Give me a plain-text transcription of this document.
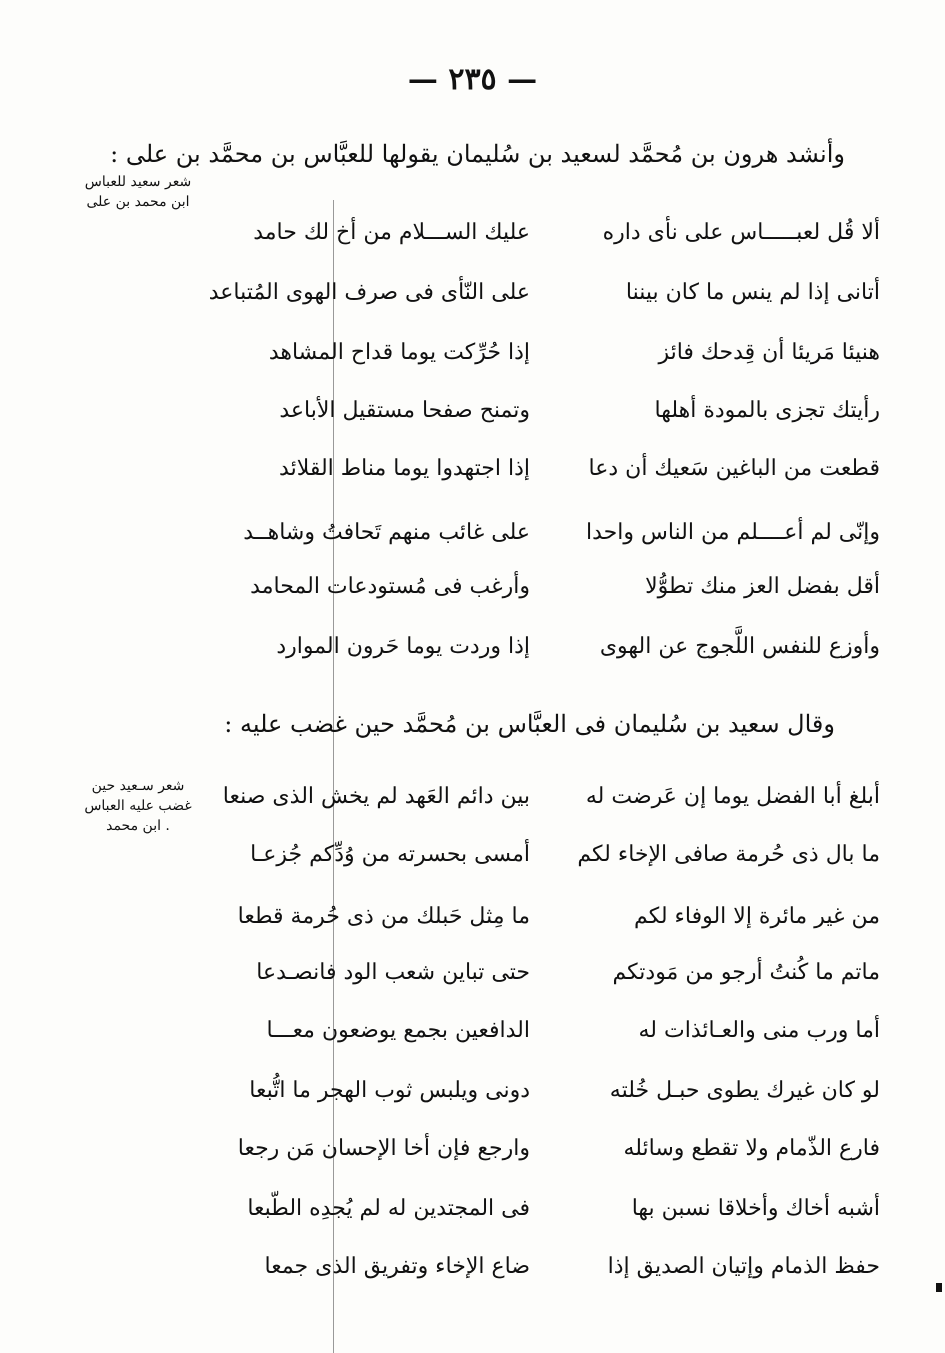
— ٢٣٥ —
وأنشد هرون بن مُحمَّد لسعيد بن سُليمان يقولها للعبَّاس بن محمَّد بن على :
شعر سعيد للعباس
ابن محمد بن على
ألا قُل لعبـــــاس على نأى داره
عليك الســـلام من أخ لك حامد
أتانى إذا لم ينس ما كان بيننا
على النّأى فى صرف الهوى المُتباعد
هنيئا مَريئا أن قِدحك فائز
إذا حُرِّكت يوما قداح المشاهد
رأيتك تجزى بالمودة أهلها
وتمنح صفحا مستقيل الأباعد
قطعت من الباغين سَعيك أن دعا
إذا اجتهدوا يوما مناط القلائد
وإنّى لم أعــــلم من الناس واحدا
على غائب منهم تَحافتُ وشاهــد
أقل بفضل العز منك تطوُّلا
وأرغب فى مُستودعات المحامد
وأوزع للنفس اللَّجوج عن الهوى
إذا وردت يوما حَرون الموارد
وقال سعيد بن سُليمان فى العبَّاس بن مُحمَّد حين غضب عليه :
شعر سـعيد حين
غضب عليه العباس
. ابن محمد
أبلغ أبا الفضل يوما إن عَرضت له
بين دائم العَهد لم يخش الذى صنعا
ما بال ذى حُرمة صافى الإخاء لكم
أمسى بحسرته من وُدِّكم جُزعـا
من غير مائرة إلا الوفاء لكم
ما مِثل حَبلك من ذى حُرمة قطعا
ماتم ما كُنتُ أرجو من مَودتكم
حتى تباين شعب الود فانصـدعا
أما ورب منى والعـائذات له
الدافعين بجمع يوضعون معـــا
لو كان غيرك يطوى حبـل خُلته
دونى ويلبس ثوب الهجر ما اتُّبعا
فارع الذّمام ولا تقطع وسائله
وارجع فإن أخا الإحسان مَن رجعا
أشبه أخاك وأخلاقا نسبن بها
فى المجتدين له لم يُجدِه الطّبعا
حفظ الذمام وإتيان الصديق إذا
ضاع الإخاء وتفريق الذى جمعا
